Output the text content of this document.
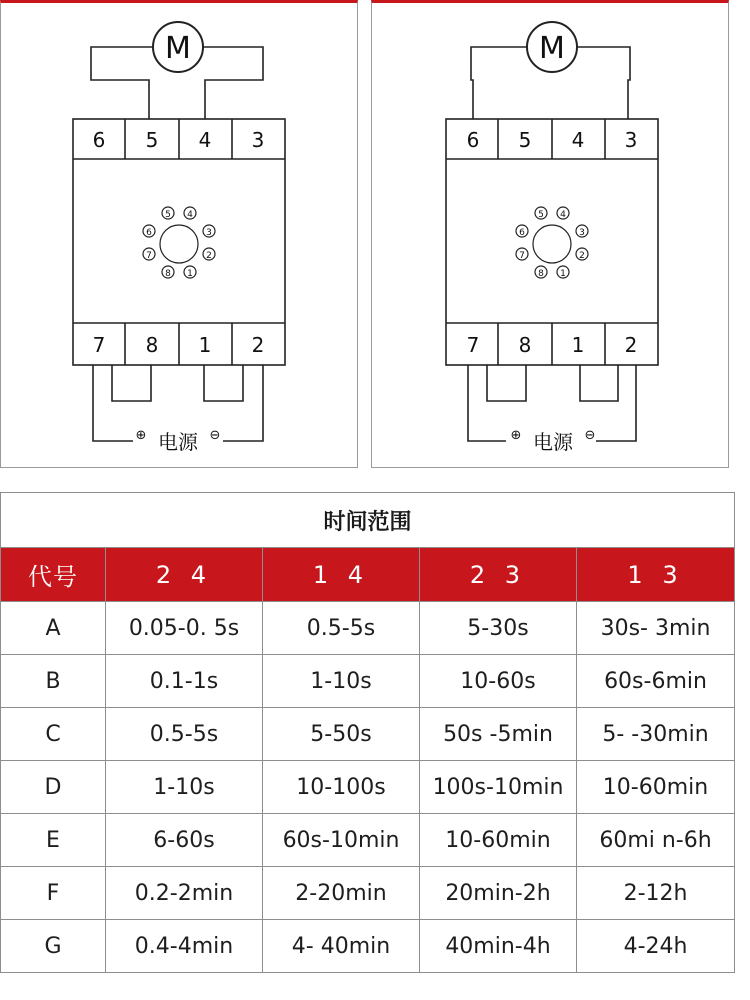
M
6 5 4 3
7 8 1 2
5 4
6	3
7	2
8 1
⊕ 电源 ⊖
M
6 5 4 3
7 8 1 2
5 4
6	3
7	2
8 1
⊕ 电源 ⊖
时间范围				
代号	2 4	1 4	2 3	1 3
A	0.05-0. 5s	0.5-5s	5-30s	30s- 3min
B	0.1-1s	1-10s	10-60s	60s-6min
C	0.5-5s	5-50s	50s -5min	5- -30min
D	1-10s	10-100s	100s-10min	10-60min
E	6-60s	60s-10min	10-60min	60mi n-6h
F	0.2-2min	2-20min	20min-2h	2-12h
G	0.4-4min	4- 40min	40min-4h	4-24h
